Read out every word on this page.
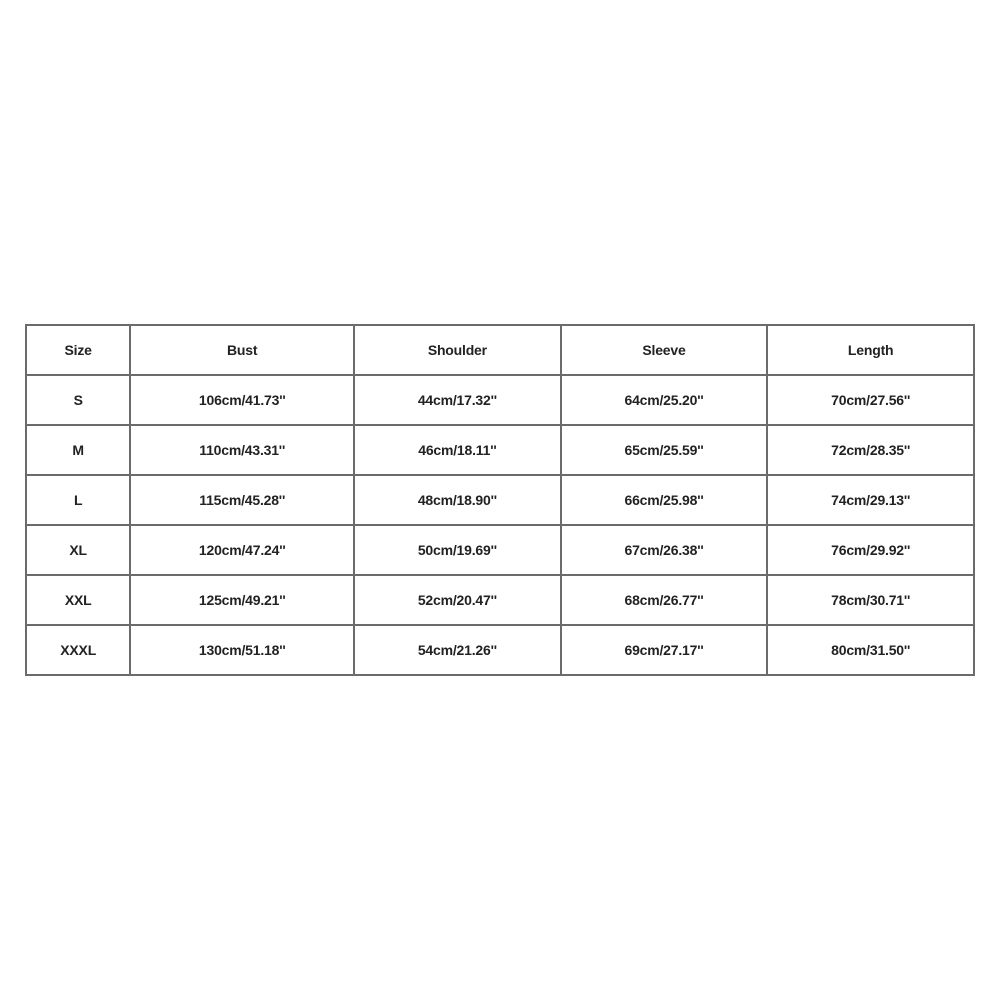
Size	Bust	Shoulder	Sleeve	Length
S	106cm/41.73''	44cm/17.32''	64cm/25.20''	70cm/27.56''
M	110cm/43.31''	46cm/18.11''	65cm/25.59''	72cm/28.35''
L	115cm/45.28''	48cm/18.90''	66cm/25.98''	74cm/29.13''
XL	120cm/47.24''	50cm/19.69''	67cm/26.38''	76cm/29.92''
XXL	125cm/49.21''	52cm/20.47''	68cm/26.77''	78cm/30.71''
XXXL	130cm/51.18''	54cm/21.26''	69cm/27.17''	80cm/31.50''
